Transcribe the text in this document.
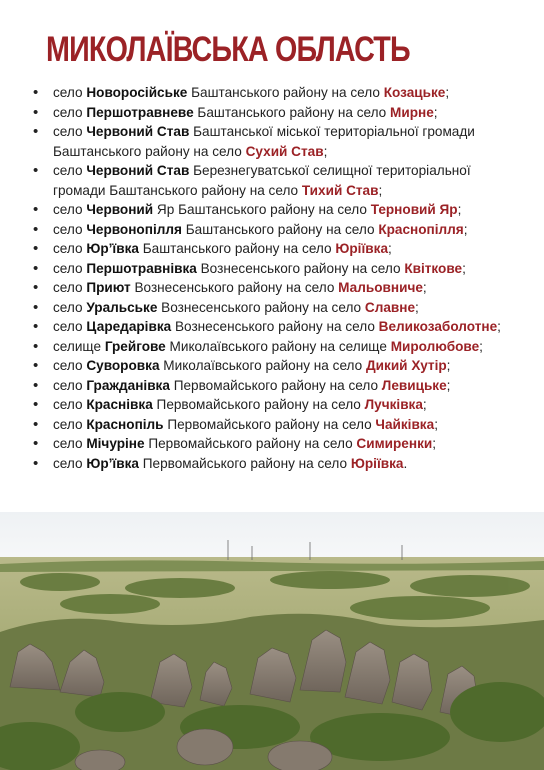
МИКОЛАЇВСЬКА ОБЛАСТЬ
• село Новоросійське Баштанського району на село Козацьке;
• село Першотравневе Баштанського району на село Мирне;
• село Червоний Став Баштанської міської територіальної громади Баштанського району на село Сухий Став;
• село Червоний Став Березнегуватської селищної територіальної громади Баштанського району на село Тихий Став;
• село Червоний Яр Баштанського району на село Терновий Яр;
• село Червонопілля Баштанського району на село Краснопілля;
• село Юр’ївка Баштанського району на село Юріївка;
• село Першотравнівка Вознесенського району на село Квіткове;
• село Приют Вознесенського району на село Мальовниче;
• село Уральське Вознесенського району на село Славне;
• село Царедарівка Вознесенського району на село Великозаболотне;
• селище Грейгове Миколаївського району на селище Миролюбове;
• село Суворовка Миколаївського району на село Дикий Хутір;
• село Гражданівка Первомайського району на село Левицьке;
• село Краснівка Первомайського району на село Лучківка;
• село Краснопіль Первомайського району на село Чайківка;
• село Мічуріне Первомайського району на село Симиренки;
• село Юр’ївка Первомайського району на село Юріївка.
